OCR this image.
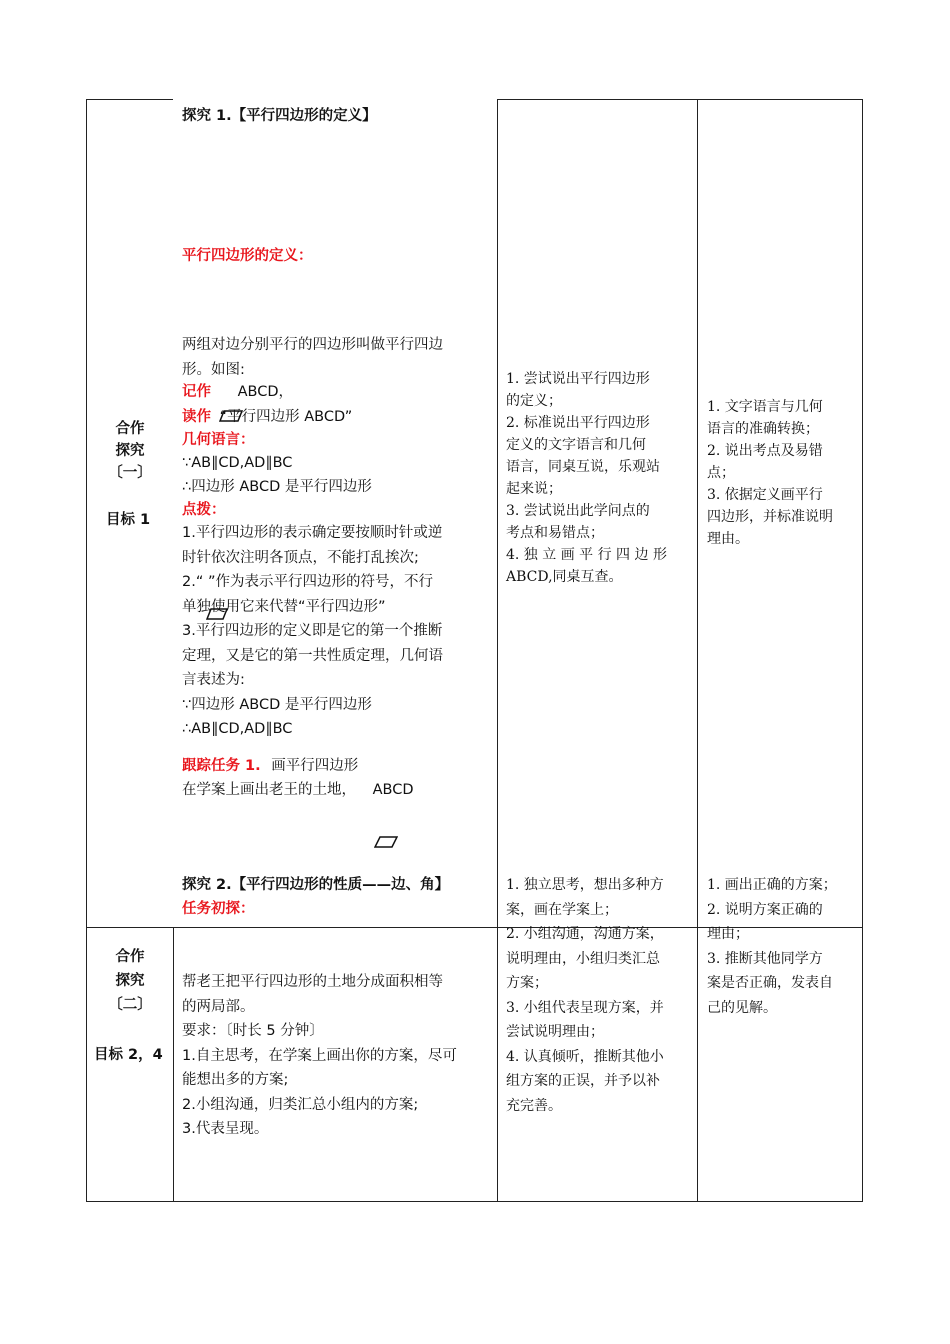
合作
探究
〔一〕
目标 1
探究 1.【平行四边形的定义】
平行四边形的定义：
两组对边分别平行的四边形叫做平行四边
形。如图:
记作 ABCD，
读作 “平行四边形 ABCD”
几何语言：
∵AB∥CD,AD∥BC
∴四边形 ABCD 是平行四边形
点拨：
1.平行四边形的表示确定要按顺时针或逆
时针依次注明各顶点，不能打乱挨次;
2.“ ”作为表示平行四边形的符号，不行
单独使用它来代替“平行四边形”
3.平行四边形的定义即是它的第一个推断
定理，又是它的第一共性质定理，几何语
言表述为:
∵四边形 ABCD 是平行四边形
∴AB∥CD,AD∥BC
跟踪任务 1. 画平行四边形
在学案上画出老王的土地， ABCD
探究 2.【平行四边形的性质——边、角】
任务初探：
1. 尝试说出平行四边形
的定义；
2. 标准说出平行四边形
定义的文字语言和几何
语言，同桌互说，乐观站
起来说；
3. 尝试说出此学问点的
考点和易错点；
4. 独 立 画 平 行 四 边 形
ABCD,同桌互查。
1. 文字语言与几何
语言的准确转换；
2. 说出考点及易错
点；
3. 依据定义画平行
四边形，并标准说明
理由。
合作
探究
〔二〕
目标 2，4
帮老王把平行四边形的土地分成面积相等
的两局部。
要求：〔时长 5 分钟〕
1.自主思考，在学案上画出你的方案，尽可
能想出多的方案;
2.小组沟通，归类汇总小组内的方案;
3.代表呈现。
1. 独立思考，想出多种方
案，画在学案上；
2. 小组沟通，沟通方案，
说明理由，小组归类汇总
方案；
3. 小组代表呈现方案，并
尝试说明理由；
4. 认真倾听，推断其他小
组方案的正误，并予以补
充完善。
1. 画出正确的方案；
2. 说明方案正确的
理由；
3. 推断其他同学方
案是否正确，发表自
己的见解。
